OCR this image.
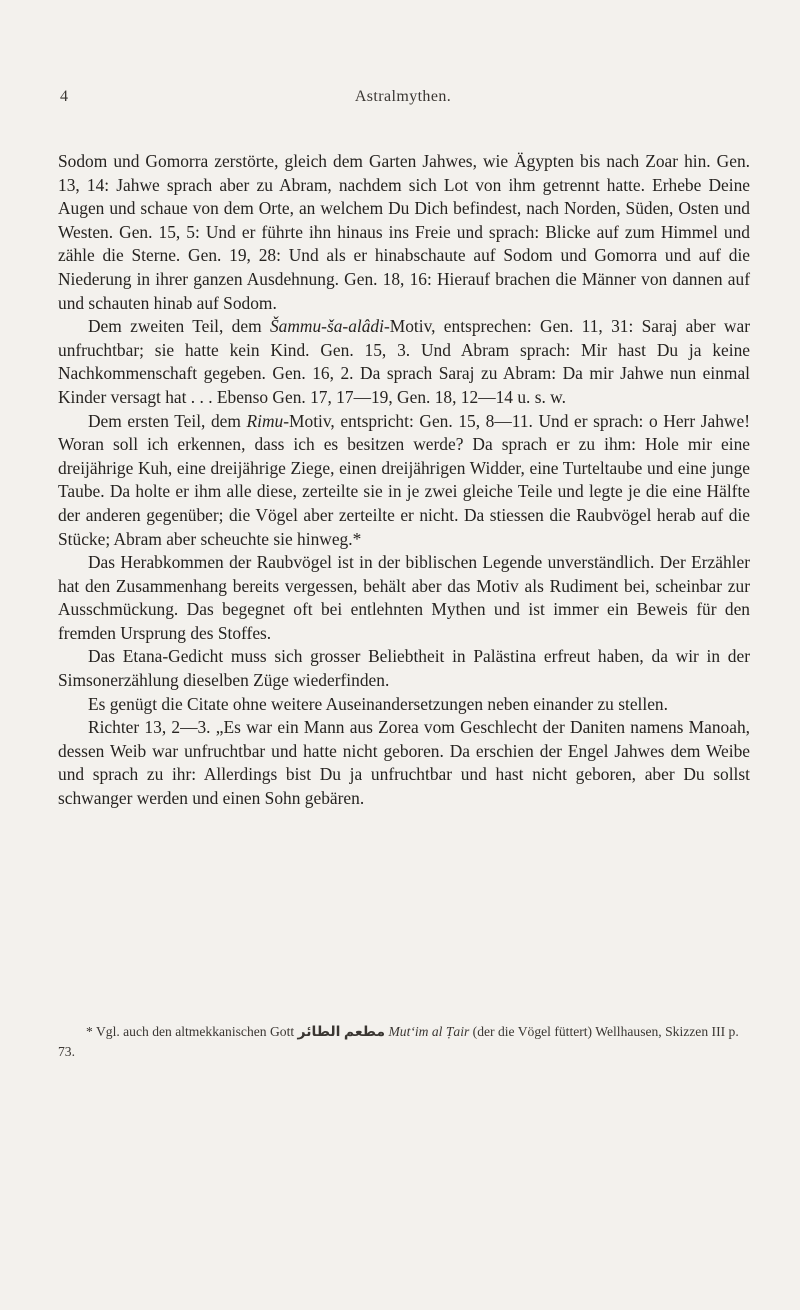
4	Astralmythen.

Sodom und Gomorra zerstörte, gleich dem Garten Jahwes, wie Ägypten bis nach Zoar hin. Gen. 13, 14: Jahwe sprach aber zu Abram, nachdem sich Lot von ihm getrennt hatte. Erhebe Deine Augen und schaue von dem Orte, an welchem Du Dich befindest, nach Norden, Süden, Osten und Westen. Gen. 15, 5: Und er führte ihn hinaus ins Freie und sprach: Blicke auf zum Himmel und zähle die Sterne. Gen. 19, 28: Und als er hinabschaute auf Sodom und Gomorra und auf die Niederung in ihrer ganzen Ausdehnung. Gen. 18, 16: Hierauf brachen die Männer von dannen auf und schauten hinab auf Sodom.

Dem zweiten Teil, dem Šammu-ša-alâdi-Motiv, entsprechen: Gen. 11, 31: Saraj aber war unfruchtbar; sie hatte kein Kind. Gen. 15, 3. Und Abram sprach: Mir hast Du ja keine Nachkommenschaft gegeben. Gen. 16, 2. Da sprach Saraj zu Abram: Da mir Jahwe nun einmal Kinder versagt hat . . . Ebenso Gen. 17, 17—19, Gen. 18, 12—14 u. s. w.

Dem ersten Teil, dem Rimu-Motiv, entspricht: Gen. 15, 8—11. Und er sprach: o Herr Jahwe! Woran soll ich erkennen, dass ich es besitzen werde? Da sprach er zu ihm: Hole mir eine dreijährige Kuh, eine dreijährige Ziege, einen dreijährigen Widder, eine Turteltaube und eine junge Taube. Da holte er ihm alle diese, zerteilte sie in je zwei gleiche Teile und legte je die eine Hälfte der anderen gegenüber; die Vögel aber zerteilte er nicht. Da stiessen die Raubvögel herab auf die Stücke; Abram aber scheuchte sie hinweg.*

Das Herabkommen der Raubvögel ist in der biblischen Legende unverständlich. Der Erzähler hat den Zusammenhang bereits vergessen, behält aber das Motiv als Rudiment bei, scheinbar zur Ausschmückung. Das begegnet oft bei entlehnten Mythen und ist immer ein Beweis für den fremden Ursprung des Stoffes.

Das Etana-Gedicht muss sich grosser Beliebtheit in Palästina erfreut haben, da wir in der Simsonerzählung dieselben Züge wiederfinden.

Es genügt die Citate ohne weitere Auseinandersetzungen neben einander zu stellen.

Richter 13, 2—3. „Es war ein Mann aus Zorea vom Geschlecht der Daniten namens Manoah, dessen Weib war unfruchtbar und hatte nicht geboren. Da erschien der Engel Jahwes dem Weibe und sprach zu ihr: Allerdings bist Du ja unfruchtbar und hast nicht geboren, aber Du sollst schwanger werden und einen Sohn gebären.

* Vgl. auch den altmekkanischen Gott الطائر مطعم Mut‘im al Ṭair (der die Vögel füttert) Wellhausen, Skizzen III p. 73.
